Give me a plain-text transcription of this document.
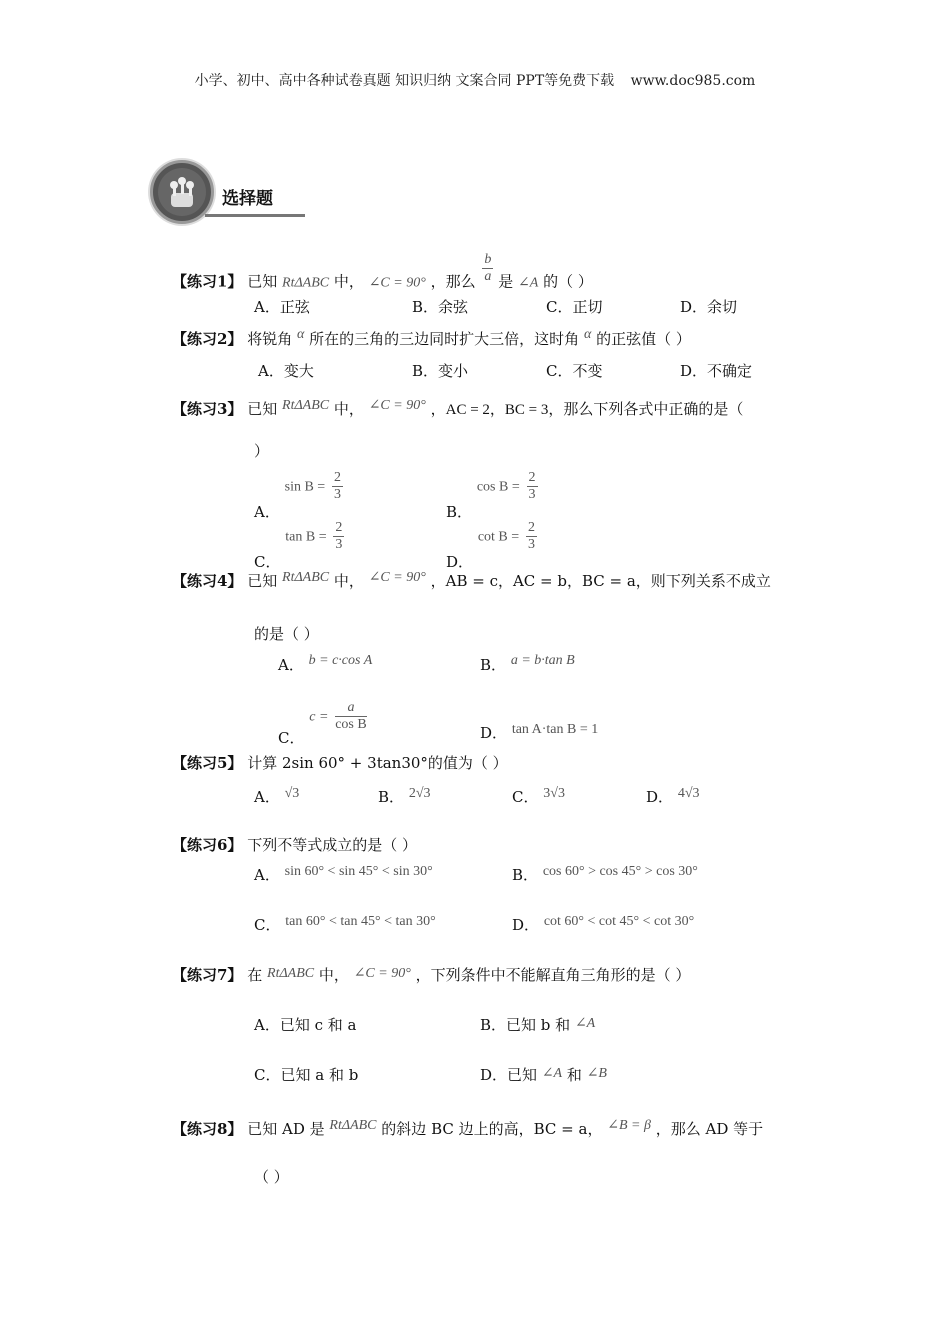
小学、初中、高中各种试卷真题 知识归纳 文案合同 PPT等免费下载 www.doc985.com
选择题
【练习1】 已知 RtΔABC 中， ∠C = 90° ，那么 $\frac{b}{a}$ 是 ∠A 的（ ）
A．正弦	B．余弦	C．正切	D．余切
【练习2】 将锐角 α 所在的三角的三边同时扩大三倍，这时角 α 的正弦值（ ）
A．变大	B．变小	C．不变	D．不确定
【练习3】 已知 RtΔABC 中， ∠C = 90° ，AC = 2，BC = 3，那么下列各式中正确的是（
）
A． $\sin B = \frac{2}{3}$
B． $\cos B = \frac{2}{3}$
C． $\tan B = \frac{2}{3}$
D． $\cot B = \frac{2}{3}$
【练习4】 已知 RtΔABC 中， ∠C = 90° ，AB = c，AC = b，BC = a，则下列关系不成立
的是（ ）
A． b = c·cos A	B． a = b·tan B
C． $c = \frac{a}{\text{cos B}}$	D． tan A·tan B = 1
【练习5】 计算 2sin 60° + 3tan30°的值为（ ）
A． √3	B． 2√3	C． 3√3	D． 4√3
【练习6】 下列不等式成立的是（ ）
A． sin 60° < sin 45° < sin 30°	B． cos 60° > cos 45° > cos 30°
C． tan 60° < tan 45° < tan 30°	D． cot 60° < cot 45° < cot 30°
【练习7】 在 RtΔABC 中， ∠C = 90° ，下列条件中不能解直角三角形的是（ ）
A．已知 c 和 a	B．已知 b 和 ∠A
C．已知 a 和 b	D．已知 ∠A 和 ∠B
【练习8】 已知 AD 是 RtΔABC 的斜边 BC 边上的高，BC = a， ∠B = β ，那么 AD 等于
（ ）
